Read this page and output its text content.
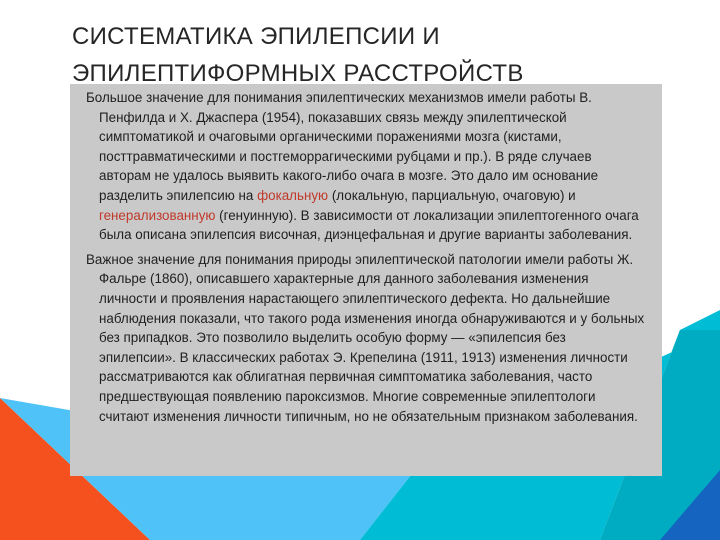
СИСТЕМАТИКА ЭПИЛЕПСИИ И ЭПИЛЕПТИФОРМНЫХ РАССТРОЙСТВ

Большое значение для понимания эпилептических механизмов имели работы В. Пенфилда и X. Джаспера (1954), показавших связь между эпилептической симптоматикой и очаговыми органическими поражениями мозга (кистами, посттравматическими и постгеморрагическими рубцами и пр.). В ряде случаев авторам не удалось выявить какого-либо очага в мозге. Это дало им основание разделить эпилепсию на фокальную (локальную, парциальную, очаговую) и генерализованную (генуинную). В зависимости от локализации эпилептогенного очага была описана эпилепсия височная, диэнцефальная и другие варианты заболевания.

Важное значение для понимания природы эпилептической патологии имели работы Ж. Фальре (1860), описавшего характерные для данного заболевания изменения личности и проявления нарастающего эпилептического дефекта. Но дальнейшие наблюдения показали, что такого рода изменения иногда обнаруживаются и у больных без припадков. Это позволило выделить особую форму — «эпилепсия без эпилепсии». В классических работах Э. Крепелина (1911, 1913) изменения личности рассматриваются как облигатная первичная симптоматика заболевания, часто предшествующая появлению пароксизмов. Многие современные эпилептологи считают изменения личности типичным, но не обязательным признаком заболевания.
